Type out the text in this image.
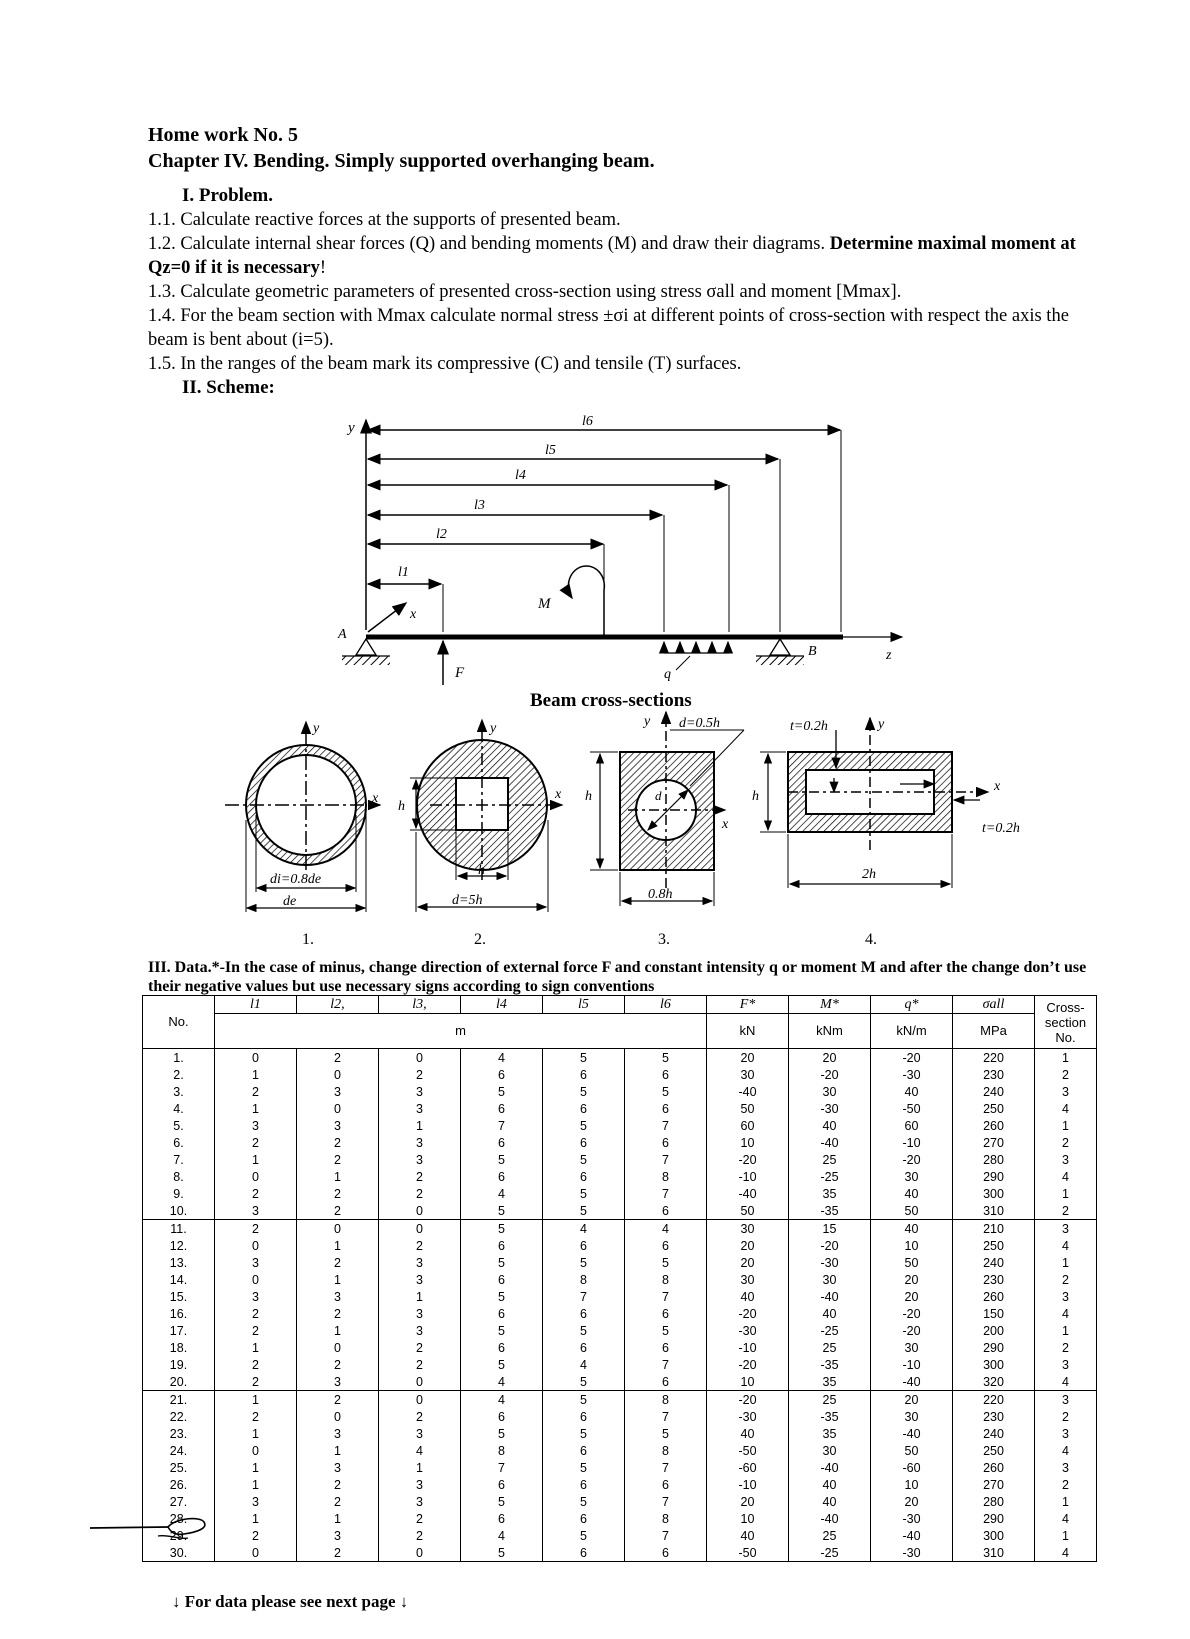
Home work No. 5
Chapter IV. Bending. Simply supported overhanging beam.
I. Problem.
1.1. Calculate reactive forces at the supports of presented beam.
1.2. Calculate internal shear forces (Q) and bending moments (M) and draw their diagrams. Determine maximal moment at Qz=0 if it is necessary!
1.3. Calculate geometric parameters of presented cross-section using stress σall and moment [Mmax].
1.4. For the beam section with Mmax calculate normal stress ±σi at different points of cross-section with respect the axis the beam is bent about (i=5).
1.5. In the ranges of the beam mark its compressive (C) and tensile (T) surfaces.
II. Scheme:
y	l6
l5
l4
l3
l2
l1
x
z
M
A
F	q
B
Beam cross-sections
y
x
di=0.8de
de
1.
y
x
h
h
d=5h
2.
y d=0.5h
d
x
h
0.8h
3.
t=0.2h	y
x
t=0.2h
h
2h
4.
III. Data.*-In the case of minus, change direction of external force F and constant intensity q or moment M and after the change don’t use their negative values but use necessary signs according to sign conventions
No.	l1	l2,	l3,	l4	l5	l6	F*	M*	q*	σall	Cross-section No.
	m						kN	kNm	kN/m	MPa	
1.	0	2	0	4	5	5	20	20	-20	220	1
2.	1	0	2	6	6	6	30	-20	-30	230	2
3.	2	3	3	5	5	5	-40	30	40	240	3
4.	1	0	3	6	6	6	50	-30	-50	250	4
5.	3	3	1	7	5	7	60	40	60	260	1
6.	2	2	3	6	6	6	10	-40	-10	270	2
7.	1	2	3	5	5	7	-20	25	-20	280	3
8.	0	1	2	6	6	8	-10	-25	30	290	4
9.	2	2	2	4	5	7	-40	35	40	300	1
10.	3	2	0	5	5	6	50	-35	50	310	2
11.	2	0	0	5	4	4	30	15	40	210	3
12.	0	1	2	6	6	6	20	-20	10	250	4
13.	3	2	3	5	5	5	20	-30	50	240	1
14.	0	1	3	6	8	8	30	30	20	230	2
15.	3	3	1	5	7	7	40	-40	20	260	3
16.	2	2	3	6	6	6	-20	40	-20	150	4
17.	2	1	3	5	5	5	-30	-25	-20	200	1
18.	1	0	2	6	6	6	-10	25	30	290	2
19.	2	2	2	5	4	7	-20	-35	-10	300	3
20.	2	3	0	4	5	6	10	35	-40	320	4
21.	1	2	0	4	5	8	-20	25	20	220	3
22.	2	0	2	6	6	7	-30	-35	30	230	2
23.	1	3	3	5	5	5	40	35	-40	240	3
24.	0	1	4	8	6	8	-50	30	50	250	4
25.	1	3	1	7	5	7	-60	-40	-60	260	3
26.	1	2	3	6	6	6	-10	40	10	270	2
27.	3	2	3	5	5	7	20	40	20	280	1
28.	1	1	2	6	6	8	10	-40	-30	290	4
29.	2	3	2	4	5	7	40	25	-40	300	1
30.	0	2	0	5	6	6	-50	-25	-30	310	4
↓ For data please see next page ↓
